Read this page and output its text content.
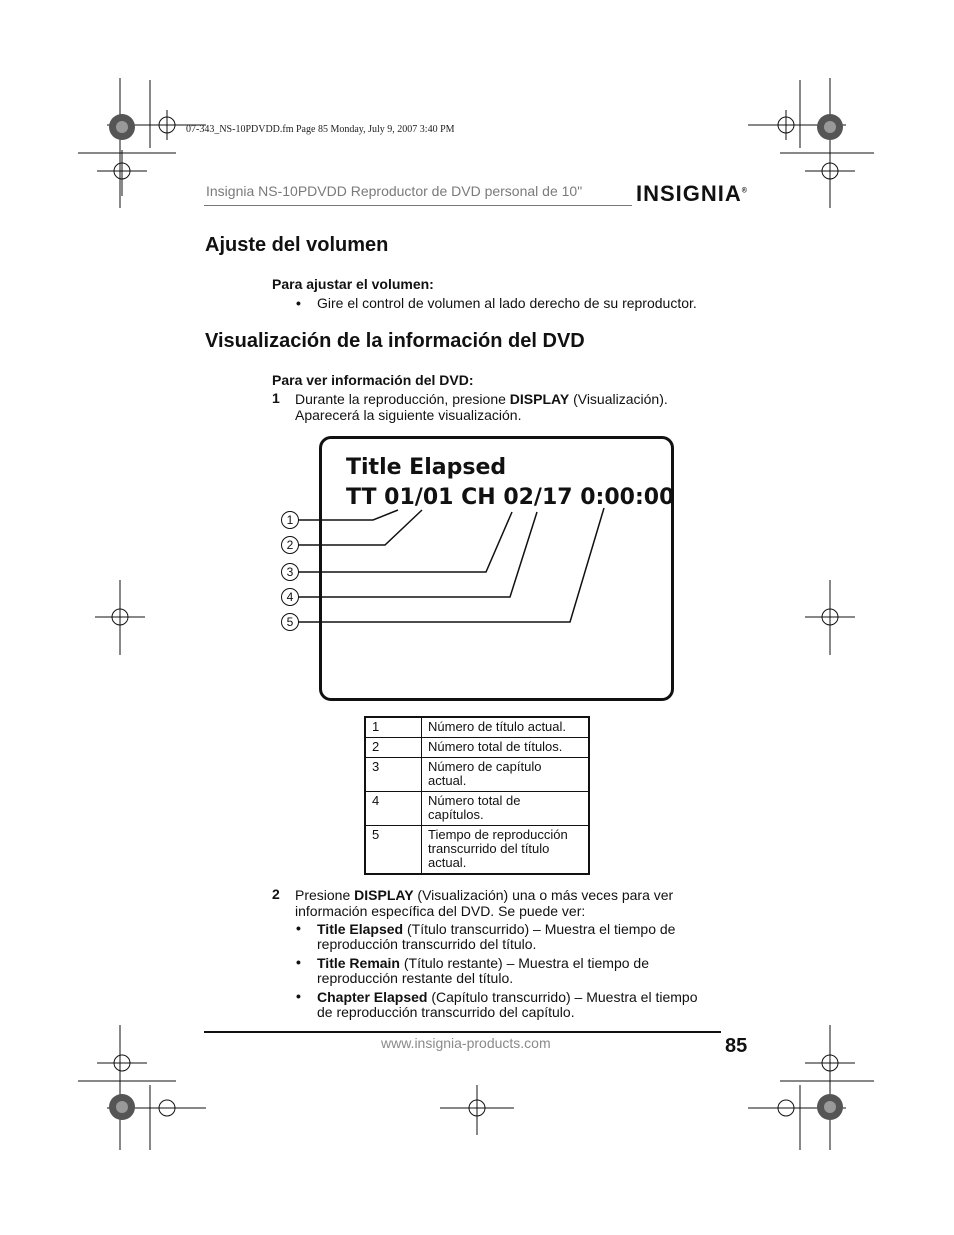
07-343_NS-10PDVDD.fm Page 85 Monday, July 9, 2007 3:40 PM
Insignia NS-10PDVDD Reproductor de DVD personal de 10" INSIGNIA®
Ajuste del volumen
Para ajustar el volumen:
• Gire el control de volumen al lado derecho de su reproductor.
Visualización de la información del DVD
Para ver información del DVD:
1 Durante la reproducción, presione DISPLAY (Visualización).
Aparecerá la siguiente visualización.
Title Elapsed
TT 01/01 CH 02/17 0:00:00
1
2
3
4
5
1	Número de título actual.

2	Número total de títulos.

3	Número de capítulo
actual.

4	Número total de
capítulos.

5	Tiempo de reproducción
transcurrido del título
actual.
2 Presione DISPLAY (Visualización) una o más veces para ver
información específica del DVD. Se puede ver:
• Title Elapsed (Título transcurrido) – Muestra el tiempo de
reproducción transcurrido del título.
• Title Remain (Título restante) – Muestra el tiempo de
reproducción restante del título.
• Chapter Elapsed (Capítulo transcurrido) – Muestra el tiempo
de reproducción transcurrido del capítulo.
www.insignia-products.com	85
